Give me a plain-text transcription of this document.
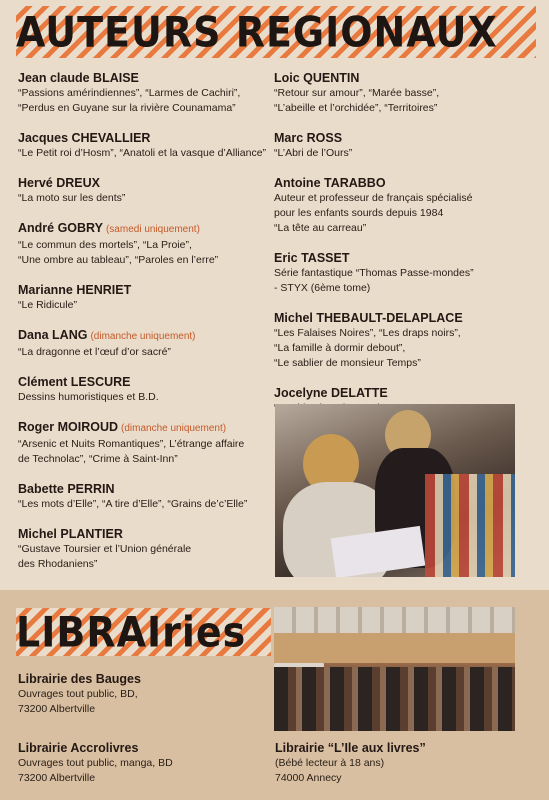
AUTEURS REGIONAUX
Jean claude BLAISE
“Passions amérindiennes”, “Larmes de Cachiri”,
“Perdus en Guyane sur la rivière Counamama”
Jacques CHEVALLIER
“Le Petit roi d’Hosm”, “Anatoli et la vasque d’Alliance”
Hervé DREUX
“La moto sur les dents”
André GOBRY (samedi uniquement)
“Le commun des mortels”, “La Proie”,
“Une ombre au tableau”, “Paroles en l’erre”
Marianne HENRIET
“Le Ridicule”
Dana LANG (dimanche uniquement)
“La dragonne et l’œuf d’or sacré”
Clément LESCURE
Dessins humoristiques et B.D.
Roger MOIROUD (dimanche uniquement)
“Arsenic et Nuits Romantiques”, L’étrange affaire
de Technolac”, “Crime à Saint-Inn”
Babette PERRIN
“Les mots d’Elle”, “A tire d’Elle”, “Grains de’c’Elle”
Michel PLANTIER
“Gustave Toursier et l’Union générale
des Rhodaniens”
Loic QUENTIN
“Retour sur amour”, “Marée basse”,
“L’abeille et l’orchidée”, “Territoires”
Marc ROSS
“L’Abri de l’Ours”
Antoine TARABBO
Auteur et professeur de français spécialisé
pour les enfants sourds depuis 1984
“La tête au carreau”
Eric TASSET
Série fantastique “Thomas Passe-mondes”
- STYX (6ème tome)
Michel THEBAULT-DELAPLACE
“Les Falaises Noires”, “Les draps noirs”,
“La famille à dormir debout”,
“Le sablier de monsieur Temps”
Jocelyne DELATTE
LIBRAIries
Librairie des Bauges
Ouvrages tout public, BD,
73200 Albertville
Librairie Accrolivres
Ouvrages tout public, manga, BD
73200 Albertville
Librairie “L’Ile aux livres”
(Bébé lecteur à 18 ans)
74000 Annecy
